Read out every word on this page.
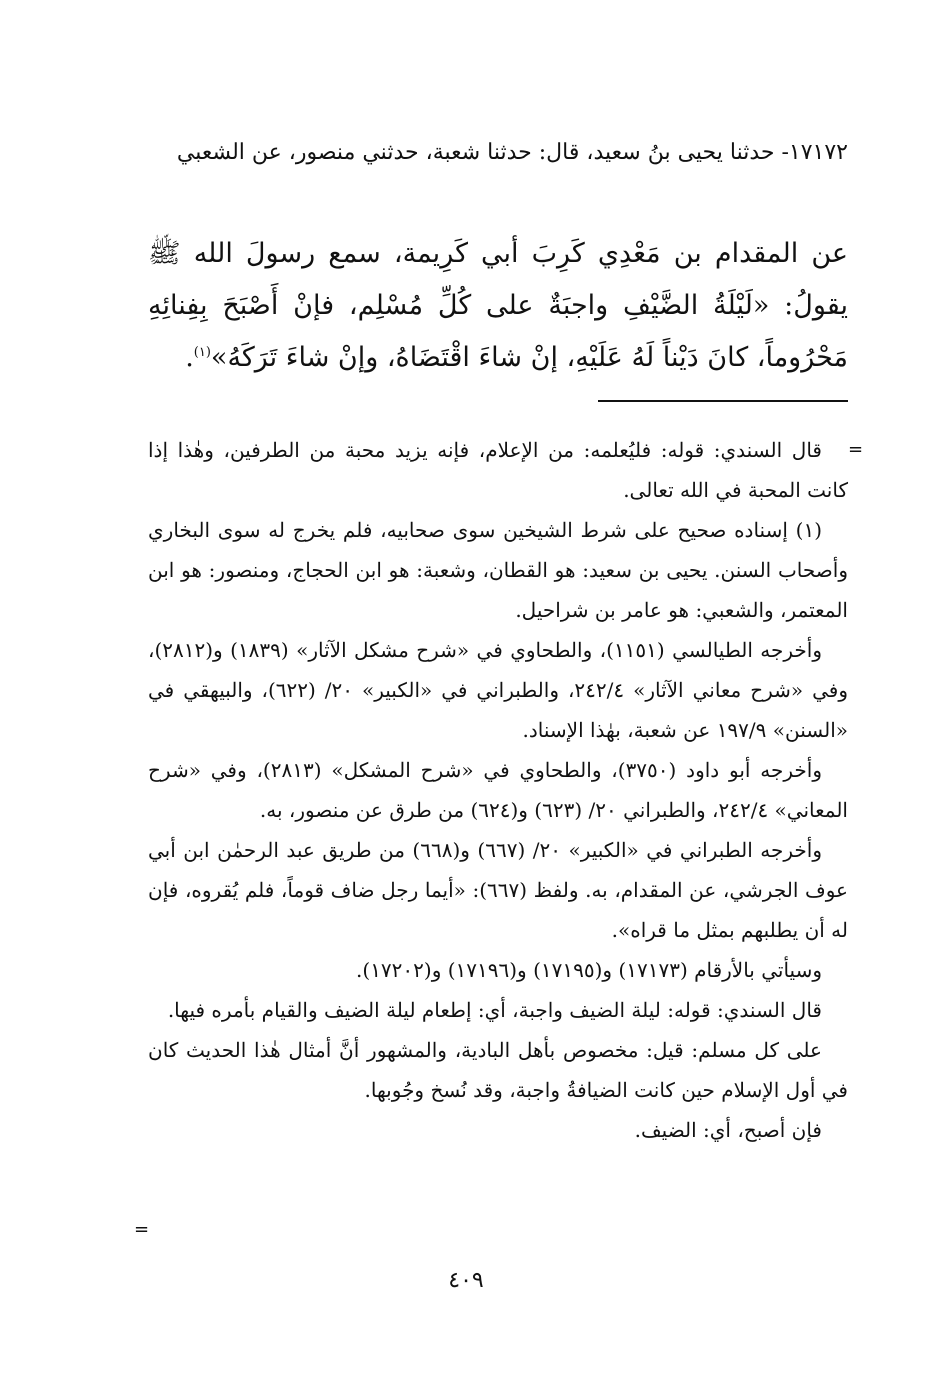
١٧١٧٢- حدثنا يحيى بنُ سعيد، قال: حدثنا شعبة، حدثني منصور، عن الشعبي
عن المقدام بن مَعْدِي كَرِبَ أبي كَرِيمة، سمع رسولَ الله ﷺ يقولُ: «لَيْلَةُ الضَّيْفِ واجبَةٌ على كُلِّ مُسْلِم، فإنْ أَصْبَحَ بِفِنائِهِ مَحْرُوماً، كانَ دَيْناً لَهُ عَلَيْهِ، إنْ شاءَ اقْتَضَاهُ، وإنْ شاءَ تَرَكَهُ»$^{(١)}$.
=

قال السندي: قوله: فليُعلمه: من الإعلام، فإنه يزيد محبة من الطرفين، وهٰذا إذا كانت المحبة في الله تعالى.

(١) إسناده صحيح على شرط الشيخين سوى صحابيه، فلم يخرج له سوى البخاري وأصحاب السنن. يحيى بن سعيد: هو القطان، وشعبة: هو ابن الحجاج، ومنصور: هو ابن المعتمر، والشعبي: هو عامر بن شراحيل.

وأخرجه الطيالسي (١١٥١)، والطحاوي في «شرح مشكل الآثار» (١٨٣٩) و(٢٨١٢)، وفي «شرح معاني الآثار» ٢٤٢/٤، والطبراني في «الكبير» ٢٠/ (٦٢٢)، والبيهقي في «السنن» ١٩٧/٩ عن شعبة، بهٰذا الإسناد.

وأخرجه أبو داود (٣٧٥٠)، والطحاوي في «شرح المشكل» (٢٨١٣)، وفي «شرح المعاني» ٢٤٢/٤، والطبراني ٢٠/ (٦٢٣) و(٦٢٤) من طرق عن منصور، به.

وأخرجه الطبراني في «الكبير» ٢٠/ (٦٦٧) و(٦٦٨) من طريق عبد الرحمٰن ابن أبي عوف الجرشي، عن المقدام، به. ولفظ (٦٦٧): «أيما رجل ضاف قوماً، فلم يُقروه، فإن له أن يطلبهم بمثل ما قراه».

وسيأتي بالأرقام (١٧١٧٣) و(١٧١٩٥) و(١٧١٩٦) و(١٧٢٠٢).

قال السندي: قوله: ليلة الضيف واجبة، أي: إطعام ليلة الضيف والقيام بأمره فيها.

على كل مسلم: قيل: مخصوص بأهل البادية، والمشهور أنَّ أمثال هٰذا الحديث كان في أول الإسلام حين كانت الضيافةُ واجبة، وقد نُسخ وجُوبها.

فإن أصبح، أي: الضيف.

=
٤٠٩
